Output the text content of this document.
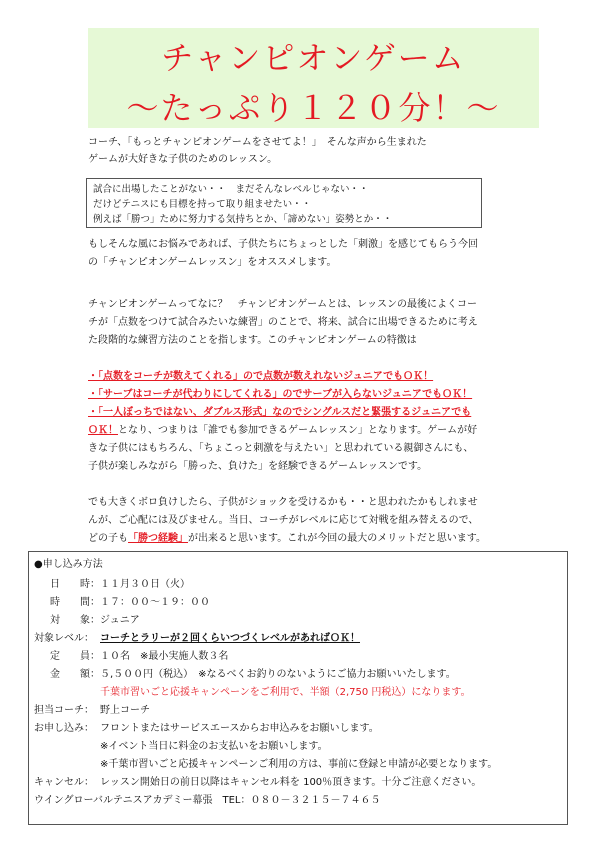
チャンピオンゲーム
～たっぷり１２０分！～
コーチ、「もっとチャンピオンゲームをさせてよ！」　そんな声から生まれた
ゲームが大好きな子供のためのレッスン。
試合に出場したことがない・・　まだそんなレベルじゃない・・
だけどテニスにも目標を持って取り組ませたい・・
例えば「勝つ」ために努力する気持ちとか、「諦めない」姿勢とか・・
もしそんな風にお悩みであれば、子供たちにちょっとした「刺激」を感じてもらう今回
の「チャンピオンゲームレッスン」をオススメします。
チャンピオンゲームってなに？　チャンピオンゲームとは、レッスンの最後によくコー
チが「点数をつけて試合みたいな練習」のことで、将来、試合に出場できるために考え
た段階的な練習方法のことを指します。このチャンピオンゲームの特徴は
・「点数をコーチが数えてくれる」ので点数が数えれないジュニアでもＯＫ！
・「サーブはコーチが代わりにしてくれる」のでサーブが入らないジュニアでもＯＫ！
・「一人ぼっちではない、ダブルス形式」なのでシングルスだと緊張するジュニアでも
ＯＫ！となり、つまりは「誰でも参加できるゲームレッスン」となります。ゲームが好
きな子供にはもちろん、「ちょこっと刺激を与えたい」と思われている親御さんにも、
子供が楽しみながら「勝った、負けた」を経験できるゲームレッスンです。
でも大きくボロ負けしたら、子供がショックを受けるかも・・と思われたかもしれませ
んが、ご心配には及びません。当日、コーチがレベルに応じて対戦を組み替えるので、
どの子も「勝つ経験」が出来ると思います。これが今回の最大のメリットだと思います。
●申し込み方法
日　　時： １１月３０日（火）
時　　間： １７：００～１９：００
対　　象： ジュニア
対象レベル： コーチとラリーが２回くらいつづくレベルがあればＯＫ！
定　　員： １０名　※最小実施人数３名
金　　額： ５,５００円（税込）　※なるべくお釣りのないようにご協力お願いいたします。
千葉市習いごと応援キャンペーンをご利用で、半額（2,750 円税込）になります。
担当コーチ： 野上コーチ
お申し込み： フロントまたはサービスエースからお申込みをお願いします。
※イベント当日に料金のお支払いをお願いします。
※千葉市習いごと応援キャンペーンご利用の方は、事前に登録と申請が必要となります。
キャンセル： レッスン開始日の前日以降はキャンセル料を 100％頂きます。十分ご注意ください。
ウイングローバルテニスアカデミー幕張　TEL：０８０－３２１５－７４６５
